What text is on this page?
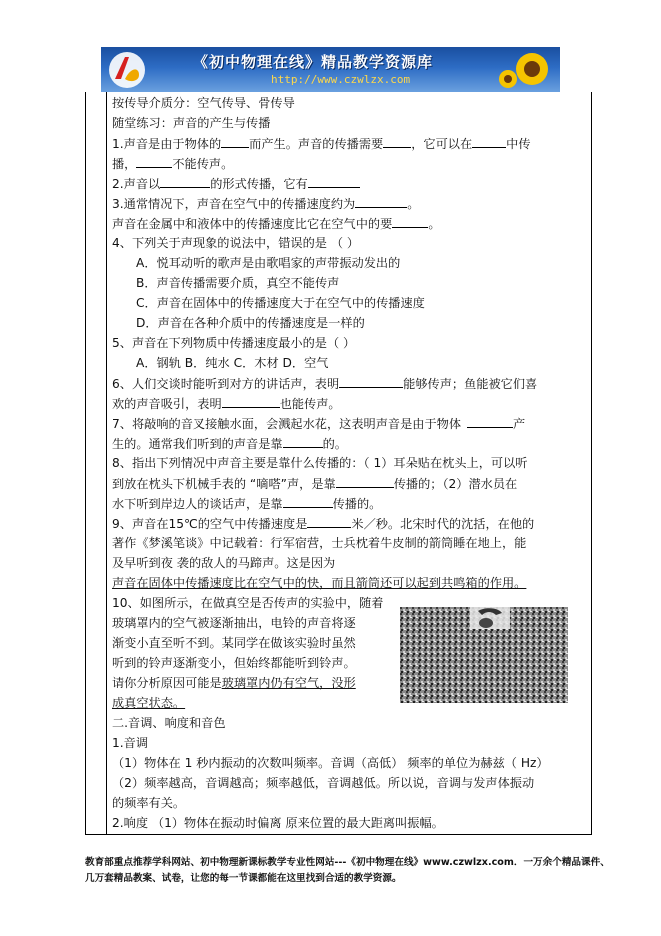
《初中物理在线》精品教学资源库
http://www.czwlzx.com
按传导介质分：空气传导、骨传导
随堂练习：声音的产生与传播
1.声音是由于物体的 而产生。声音的传播需要 ，它可以在	中传
播，	不能传声。
2.声音以	的形式传播，它有
3.通常情况下，声音在空气中的传播速度约为	。
声音在金属中和液体中的传播速度比它在空气中的要	。
4、下列关于声现象的说法中，错误的是 （ ）
A．悦耳动听的歌声是由歌唱家的声带振动发出的
B．声音传播需要介质，真空不能传声
C．声音在固体中的传播速度大于在空气中的传播速度
D．声音在各种介质中的传播速度是一样的
5、声音在下列物质中传播速度最小的是（ ）
A．钢轨 B．纯水 C．木材 D．空气
6、人们交谈时能听到对方的讲话声，表明	能够传声；鱼能被它们喜
欢的声音吸引，表明	也能传声。
7、将敲响的音叉接触水面，会溅起水花，这表明声音是由于物体	产
生的。通常我们听到的声音是靠	的。
8、指出下列情况中声音主要是靠什么传播的：（ 1）耳朵贴在枕头上，可以听
到放在枕头下机械手表的 “嘀嗒”声，是靠	传播的；（2）潜水员在
水下听到岸边人的谈话声，是靠	传播的。
9、声音在15℃的空气中传播速度是	米／秒。北宋时代的沈括，在他的
著作《梦溪笔谈》中记载着：行军宿营，士兵枕着牛皮制的箭筒睡在地上，能
及早听到夜 袭的敌人的马蹄声。这是因为
声音在固体中传播速度比在空气中的快，而且箭筒还可以起到共鸣箱的作用。
10、如图所示，在做真空是否传声的实验中，随着
玻璃罩内的空气被逐渐抽出，电铃的声音将逐
渐变小直至听不到。某同学在做该实验时虽然
听到的铃声逐渐变小，但始终都能听到铃声。
请你分析原因可能是玻璃罩内仍有空气，没形
成真空状态。
二.音调、响度和音色
1.音调
（1）物体在 1 秒内振动的次数叫频率。音调（高低） 频率的单位为赫兹（ Hz）
（2）频率越高，音调越高；频率越低，音调越低。所以说，音调与发声体振动
的频率有关。
2.响度 （1）物体在振动时偏离 原来位置的最大距离叫振幅。
教育部重点推荐学科网站、初中物理新课标教学专业性网站---《初中物理在线》www.czwlzx.com．一万余个精品课件、
几万套精品教案、试卷，让您的每一节课都能在这里找到合适的教学资源。
